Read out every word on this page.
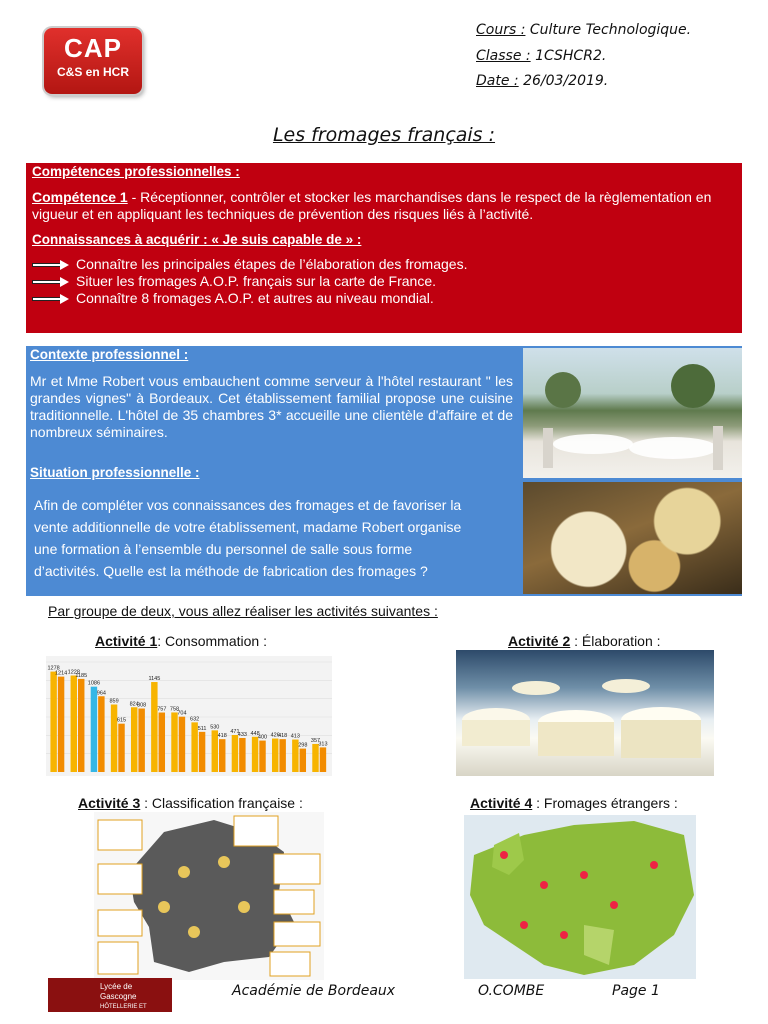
CAP
C&S en HCR
Cours : Culture Technologique.
Classe : 1CSHCR2.
Date : 26/03/2019.
Les fromages français :
Compétences professionnelles :

Compétence 1 - Réceptionner, contrôler et stocker les marchandises dans le respect de la règlementation en vigueur et en appliquant les techniques de prévention des risques liés à l’activité.

Connaissances à acquérir : « Je suis capable de » :
Connaître les principales étapes de l’élaboration des fromages.
Situer les fromages A.O.P. français sur la carte de France.
Connaître 8 fromages A.O.P. et autres au niveau mondial.
Contexte professionnel :
Mr et Mme Robert vous embauchent comme serveur à l'hôtel restaurant " les grandes vignes" à Bordeaux. Cet établissement familial propose une cuisine traditionnelle. L'hôtel de 35 chambres 3* accueille une clientèle d'affaire et de nombreux séminaires.
Situation professionnelle :
Afin de compléter vos connaissances des fromages et de favoriser la vente additionnelle de votre établissement, madame Robert organise une formation à l’ensemble du personnel de salle sous forme d’activités. Quelle est la méthode de fabrication des fromages ?
Par groupe de deux, vous allez réaliser les activités suivantes :
Activité 1: Consommation :	Activité 2 : Élaboration :
Activité 3 : Classification française :	Activité 4 : Fromages étrangers :
1278
1228
1086
859 824
1145
758
632
530
471 448 426 413
357
1214 1185
964
615
808
757
704
511
418 433 400 418
298 313
Lycée de Gascogne
HÔTELLERIE ET TOURISME
Académie de Bordeaux	O.COMBE	Page 1
